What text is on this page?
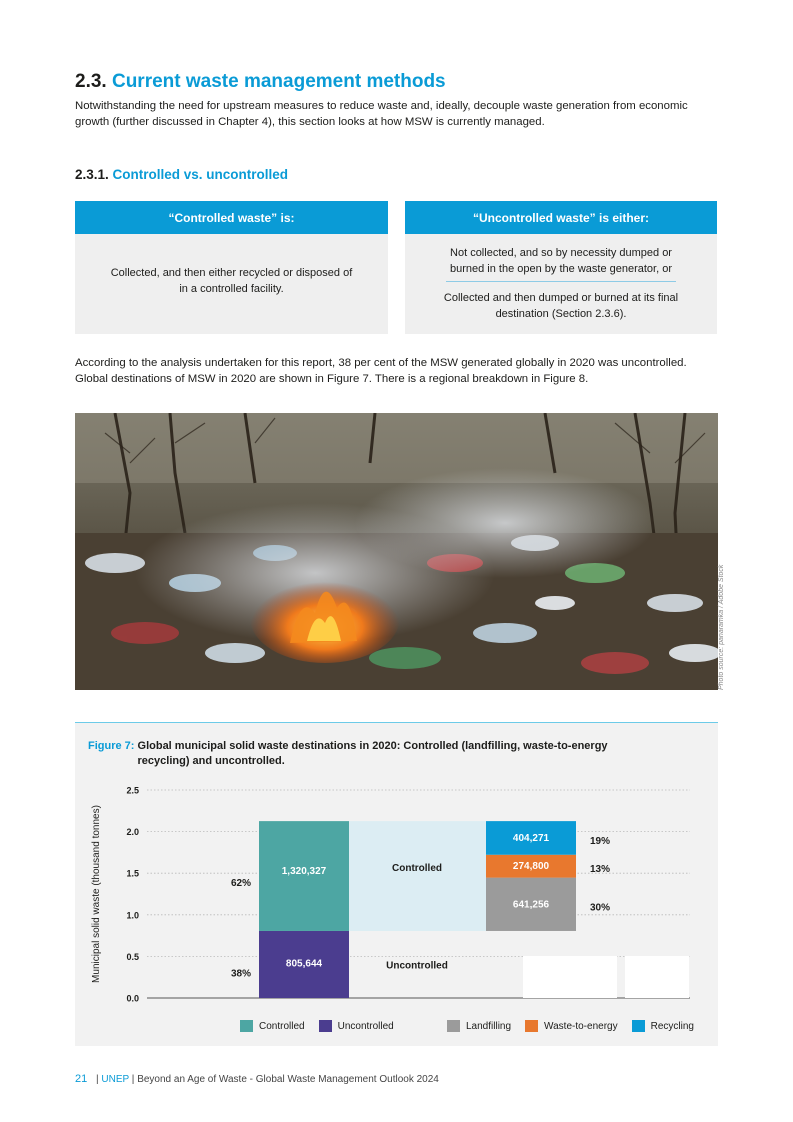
2.3. Current waste management methods

Notwithstanding the need for upstream measures to reduce waste and, ideally, decouple waste generation from economic growth (further discussed in Chapter 4), this section looks at how MSW is currently managed.

2.3.1. Controlled vs. uncontrolled
“Controlled waste” is:

Collected, and then either recycled or disposed of in a controlled facility.

“Uncontrolled waste” is either:

Not collected, and so by necessity dumped or burned in the open by the waste generator, or

Collected and then dumped or burned at its final destination (Section 2.3.6).

According to the analysis undertaken for this report, 38 per cent of the MSW generated globally in 2020 was uncontrolled. Global destinations of MSW in 2020 are shown in Figure 7. There is a regional breakdown in Figure 8.

Photo source: panaramka / Adobe Stock
Figure 7: Global municipal solid waste destinations in 2020: Controlled (landfilling, waste-to-energy recycling) and uncontrolled.
0.0
0.5
1.0
1.5
2.0
2.5
Municipal solid waste (thousand tonnes)	805,644
38%
1,320,327
62%
Controlled
Uncontrolled
641,256	30%
274,800	13%
404,271	19%
Controlled	Uncontrolled	Landfilling	Waste-to-energy	Recycling
21 | UNEP | Beyond an Age of Waste - Global Waste Management Outlook 2024
